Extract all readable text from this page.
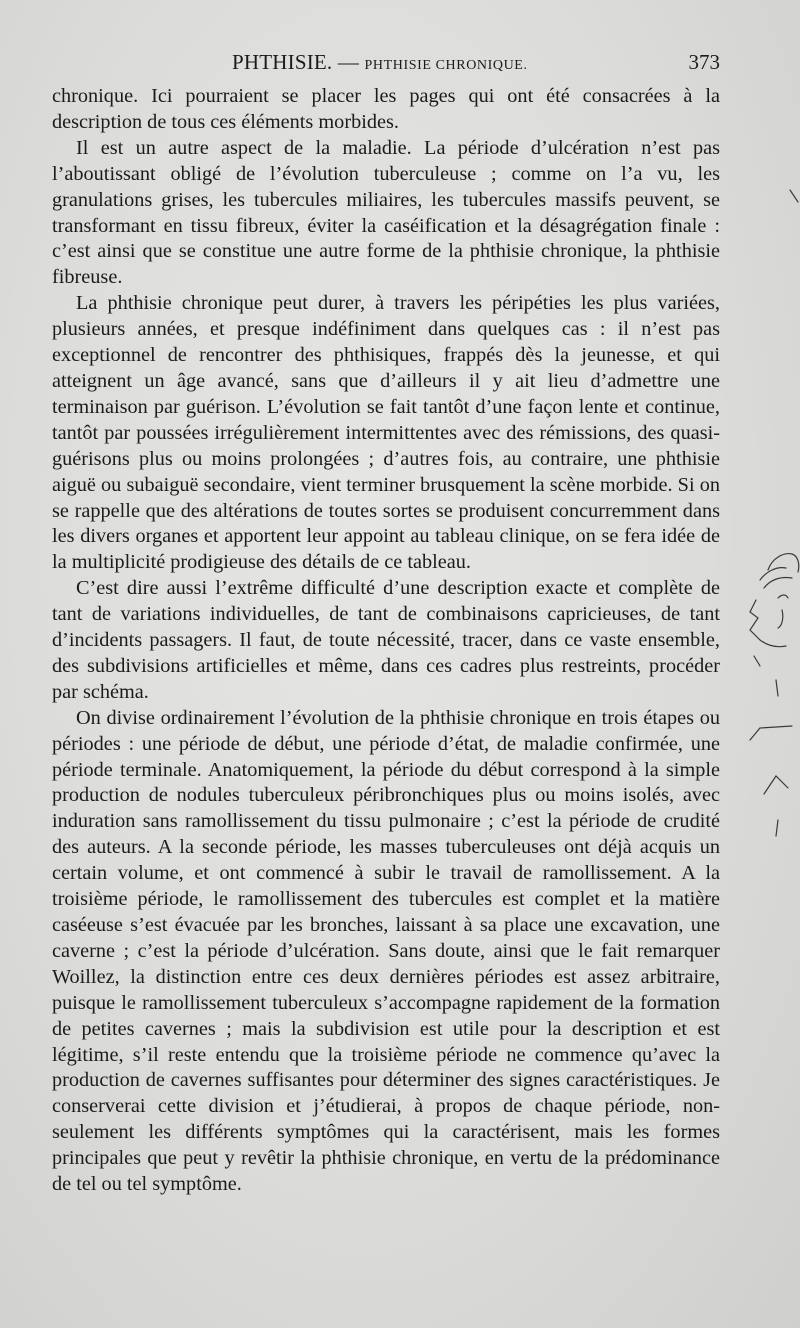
PHTHISIE. — PHTHISIE CHRONIQUE.	373

chronique. Ici pourraient se placer les pages qui ont été consacrées à la description de tous ces éléments morbides.

Il est un autre aspect de la maladie. La période d’ulcération n’est pas l’aboutissant obligé de l’évolution tuberculeuse ; comme on l’a vu, les granulations grises, les tubercules miliaires, les tubercules massifs peuvent, se transformant en tissu fibreux, éviter la caséification et la désagrégation finale : c’est ainsi que se constitue une autre forme de la phthisie chronique, la phthisie fibreuse.

La phthisie chronique peut durer, à travers les péripéties les plus variées, plusieurs années, et presque indéfiniment dans quelques cas : il n’est pas exceptionnel de rencontrer des phthisiques, frappés dès la jeunesse, et qui atteignent un âge avancé, sans que d’ailleurs il y ait lieu d’admettre une terminaison par guérison. L’évolution se fait tantôt d’une façon lente et continue, tantôt par poussées irrégulièrement intermittentes avec des rémissions, des quasi-guérisons plus ou moins prolongées ; d’autres fois, au contraire, une phthisie aiguë ou subaiguë secondaire, vient terminer brusquement la scène morbide. Si on se rappelle que des altérations de toutes sortes se produisent concurremment dans les divers organes et apportent leur appoint au tableau clinique, on se fera idée de la multiplicité prodigieuse des détails de ce tableau.

C’est dire aussi l’extrême difficulté d’une description exacte et complète de tant de variations individuelles, de tant de combinaisons capricieuses, de tant d’incidents passagers. Il faut, de toute nécessité, tracer, dans ce vaste ensemble, des subdivisions artificielles et même, dans ces cadres plus restreints, procéder par schéma.

On divise ordinairement l’évolution de la phthisie chronique en trois étapes ou périodes : une période de début, une période d’état, de maladie confirmée, une période terminale. Anatomiquement, la période du début correspond à la simple production de nodules tuberculeux péribronchiques plus ou moins isolés, avec induration sans ramollissement du tissu pulmonaire ; c’est la période de crudité des auteurs. A la seconde période, les masses tuberculeuses ont déjà acquis un certain volume, et ont commencé à subir le travail de ramollissement. A la troisième période, le ramollissement des tubercules est complet et la matière caséeuse s’est évacuée par les bronches, laissant à sa place une excavation, une caverne ; c’est la période d’ulcération. Sans doute, ainsi que le fait remarquer Woillez, la distinction entre ces deux dernières périodes est assez arbitraire, puisque le ramollissement tuberculeux s’accompagne rapidement de la formation de petites cavernes ; mais la subdivision est utile pour la description et est légitime, s’il reste entendu que la troisième période ne commence qu’avec la production de cavernes suffisantes pour déterminer des signes caractéristiques. Je conserverai cette division et j’étudierai, à propos de chaque période, non-seulement les différents symptômes qui la caractérisent, mais les formes principales que peut y revêtir la phthisie chronique, en vertu de la prédominance de tel ou tel symptôme.
